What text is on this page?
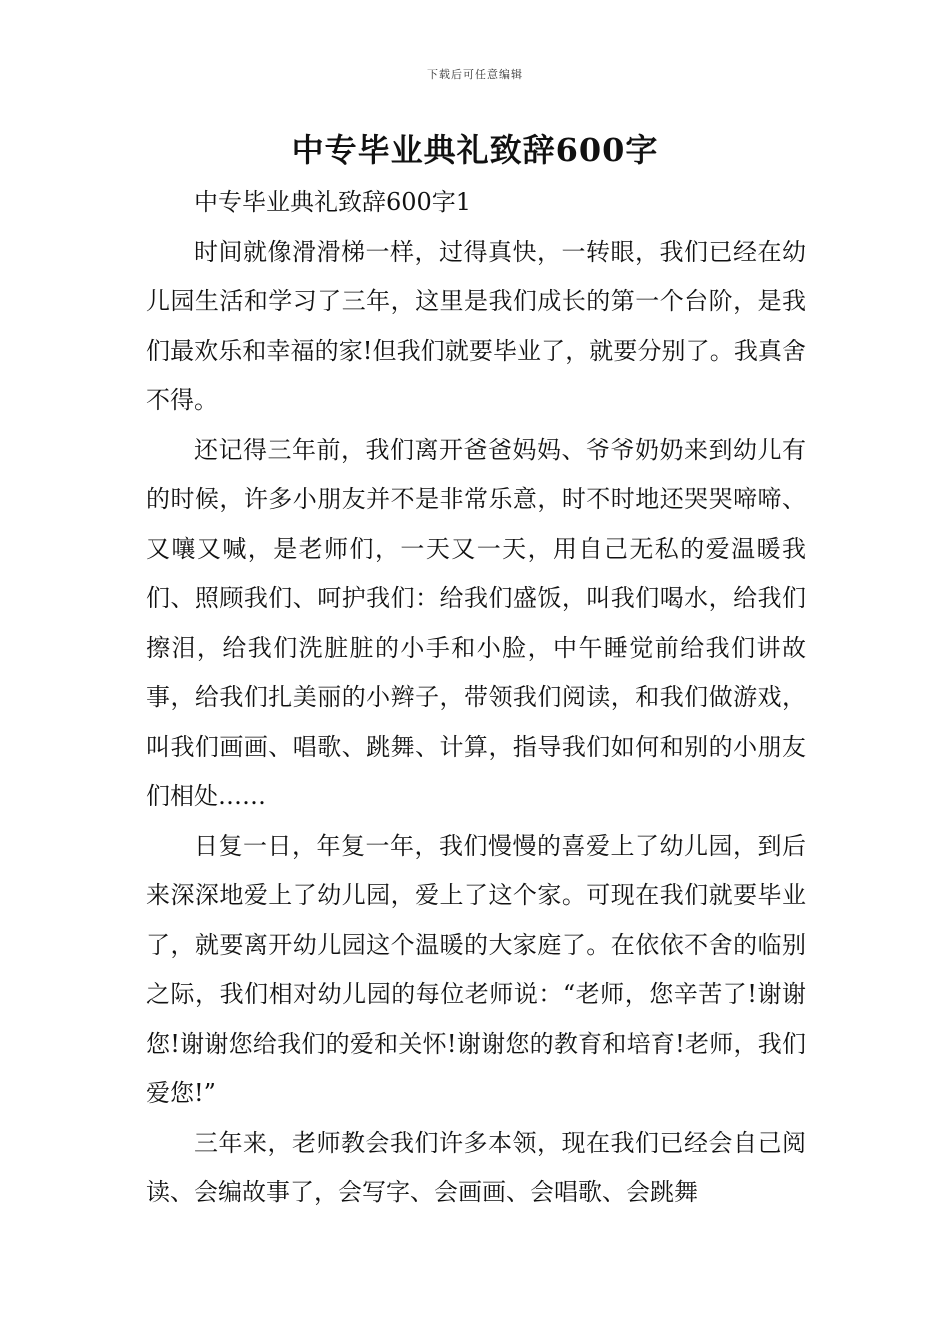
下载后可任意编辑
中专毕业典礼致辞600字

中专毕业典礼致辞600字1

时间就像滑滑梯一样，过得真快，一转眼，我们已经在幼儿园生活和学习了三年，这里是我们成长的第一个台阶，是我们最欢乐和幸福的家!但我们就要毕业了，就要分别了。我真舍不得。

还记得三年前，我们离开爸爸妈妈、爷爷奶奶来到幼儿有的时候，许多小朋友并不是非常乐意，时不时地还哭哭啼啼、又嚷又喊，是老师们，一天又一天，用自己无私的爱温暖我们、照顾我们、呵护我们：给我们盛饭，叫我们喝水，给我们擦泪，给我们洗脏脏的小手和小脸，中午睡觉前给我们讲故事，给我们扎美丽的小辫子，带领我们阅读，和我们做游戏，叫我们画画、唱歌、跳舞、计算，指导我们如何和别的小朋友们相处……

日复一日，年复一年，我们慢慢的喜爱上了幼儿园，到后来深深地爱上了幼儿园，爱上了这个家。可现在我们就要毕业了，就要离开幼儿园这个温暖的大家庭了。在依依不舍的临别之际，我们相对幼儿园的每位老师说：“老师，您辛苦了!谢谢您!谢谢您给我们的爱和关怀!谢谢您的教育和培育!老师，我们爱您!”

三年来，老师教会我们许多本领，现在我们已经会自己阅读、会编故事了，会写字、会画画、会唱歌、会跳舞
